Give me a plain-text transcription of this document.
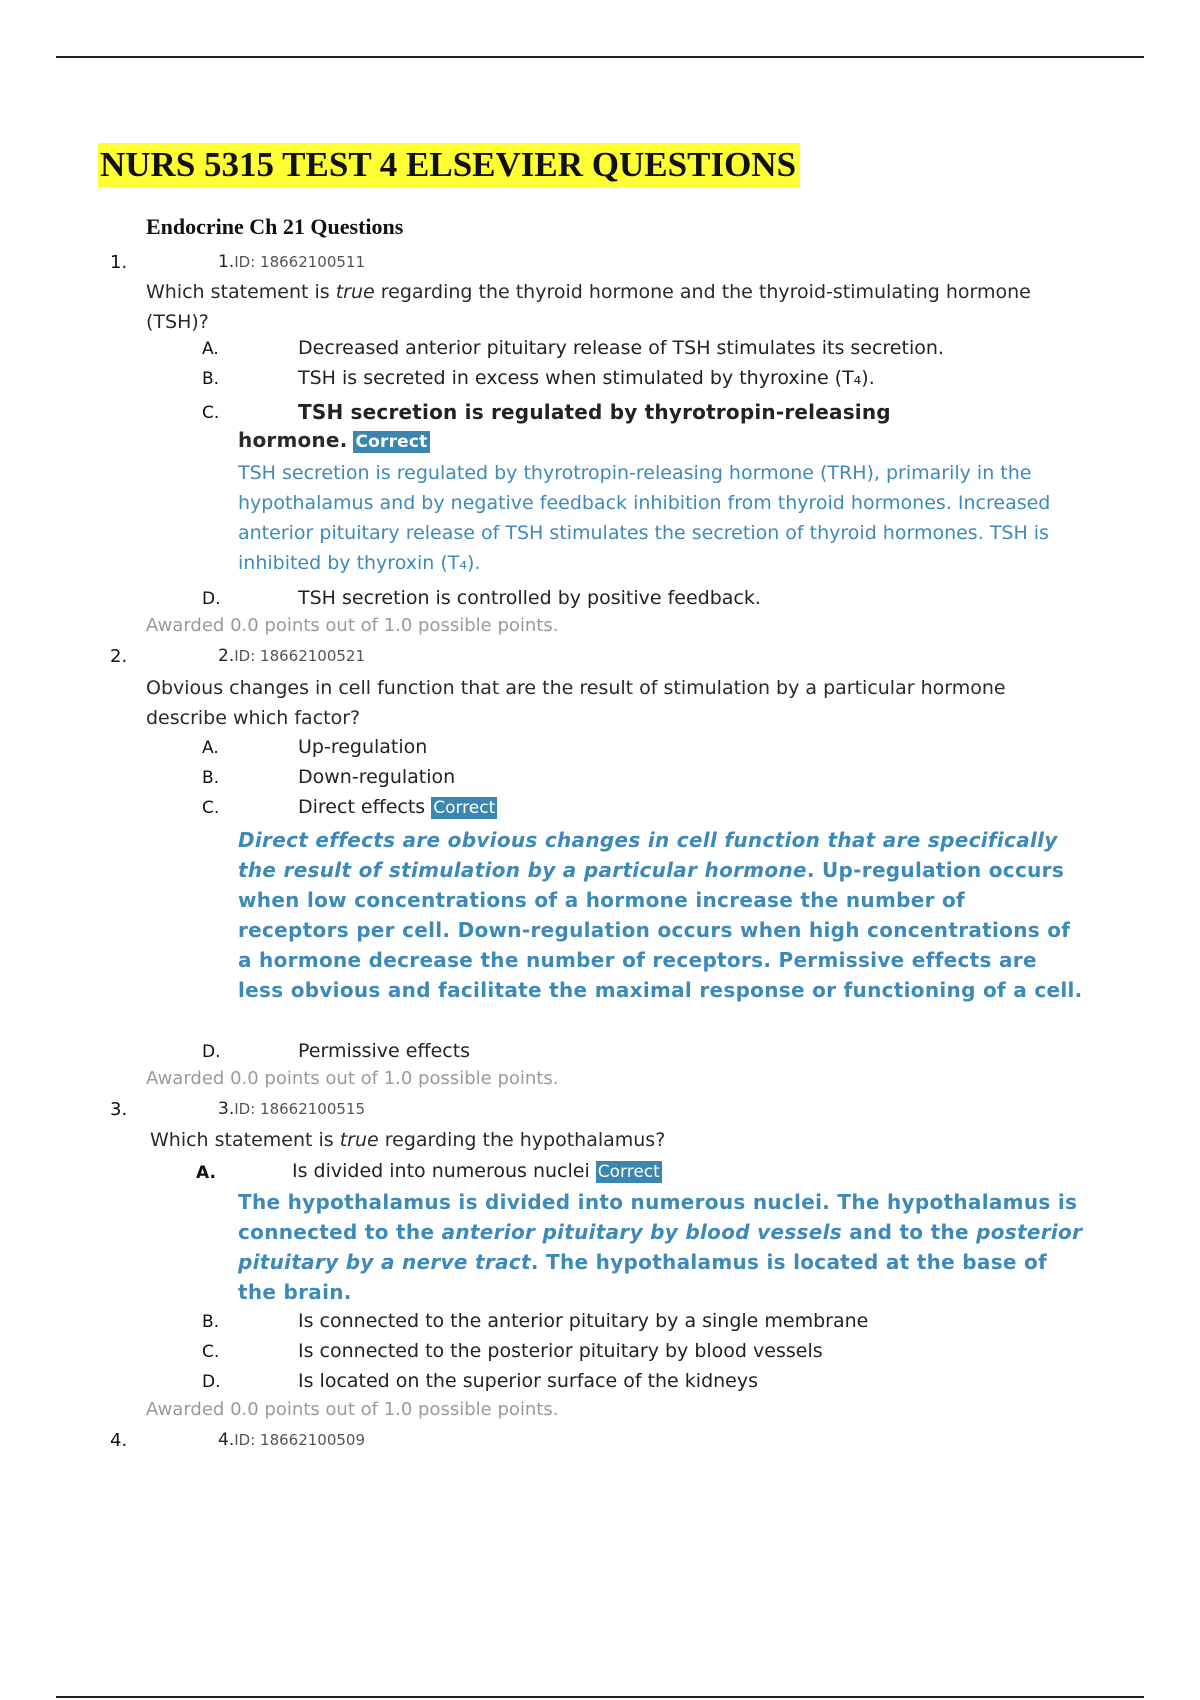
NURS 5315 TEST 4 ELSEVIER QUESTIONS
Endocrine Ch 21 Questions
1.	1.ID: 18662100511
Which statement is true regarding the thyroid hormone and the thyroid-stimulating hormone (TSH)?
A.	Decreased anterior pituitary release of TSH stimulates its secretion.
B.	TSH is secreted in excess when stimulated by thyroxine (T₄).
C.	TSH secretion is regulated by thyrotropin-releasing
hormone. Correct
TSH secretion is regulated by thyrotropin-releasing hormone (TRH), primarily in the hypothalamus and by negative feedback inhibition from thyroid hormones. Increased anterior pituitary release of TSH stimulates the secretion of thyroid hormones. TSH is inhibited by thyroxin (T₄).
D.	TSH secretion is controlled by positive feedback.
Awarded 0.0 points out of 1.0 possible points.
2.	2.ID: 18662100521
Obvious changes in cell function that are the result of stimulation by a particular hormone describe which factor?
A.	Up-regulation
B.	Down-regulation
C.	Direct effects Correct
Direct effects are obvious changes in cell function that are specifically the result of stimulation by a particular hormone. Up-regulation occurs when low concentrations of a hormone increase the number of receptors per cell. Down-regulation occurs when high concentrations of a hormone decrease the number of receptors. Permissive effects are less obvious and facilitate the maximal response or functioning of a cell.
D.	Permissive effects
Awarded 0.0 points out of 1.0 possible points.
3.	3.ID: 18662100515
Which statement is true regarding the hypothalamus?
A.	Is divided into numerous nuclei Correct
The hypothalamus is divided into numerous nuclei. The hypothalamus is connected to the anterior pituitary by blood vessels and to the posterior pituitary by a nerve tract. The hypothalamus is located at the base of the brain.
B.	Is connected to the anterior pituitary by a single membrane
C.	Is connected to the posterior pituitary by blood vessels
D.	Is located on the superior surface of the kidneys
Awarded 0.0 points out of 1.0 possible points.
4.	4.ID: 18662100509
